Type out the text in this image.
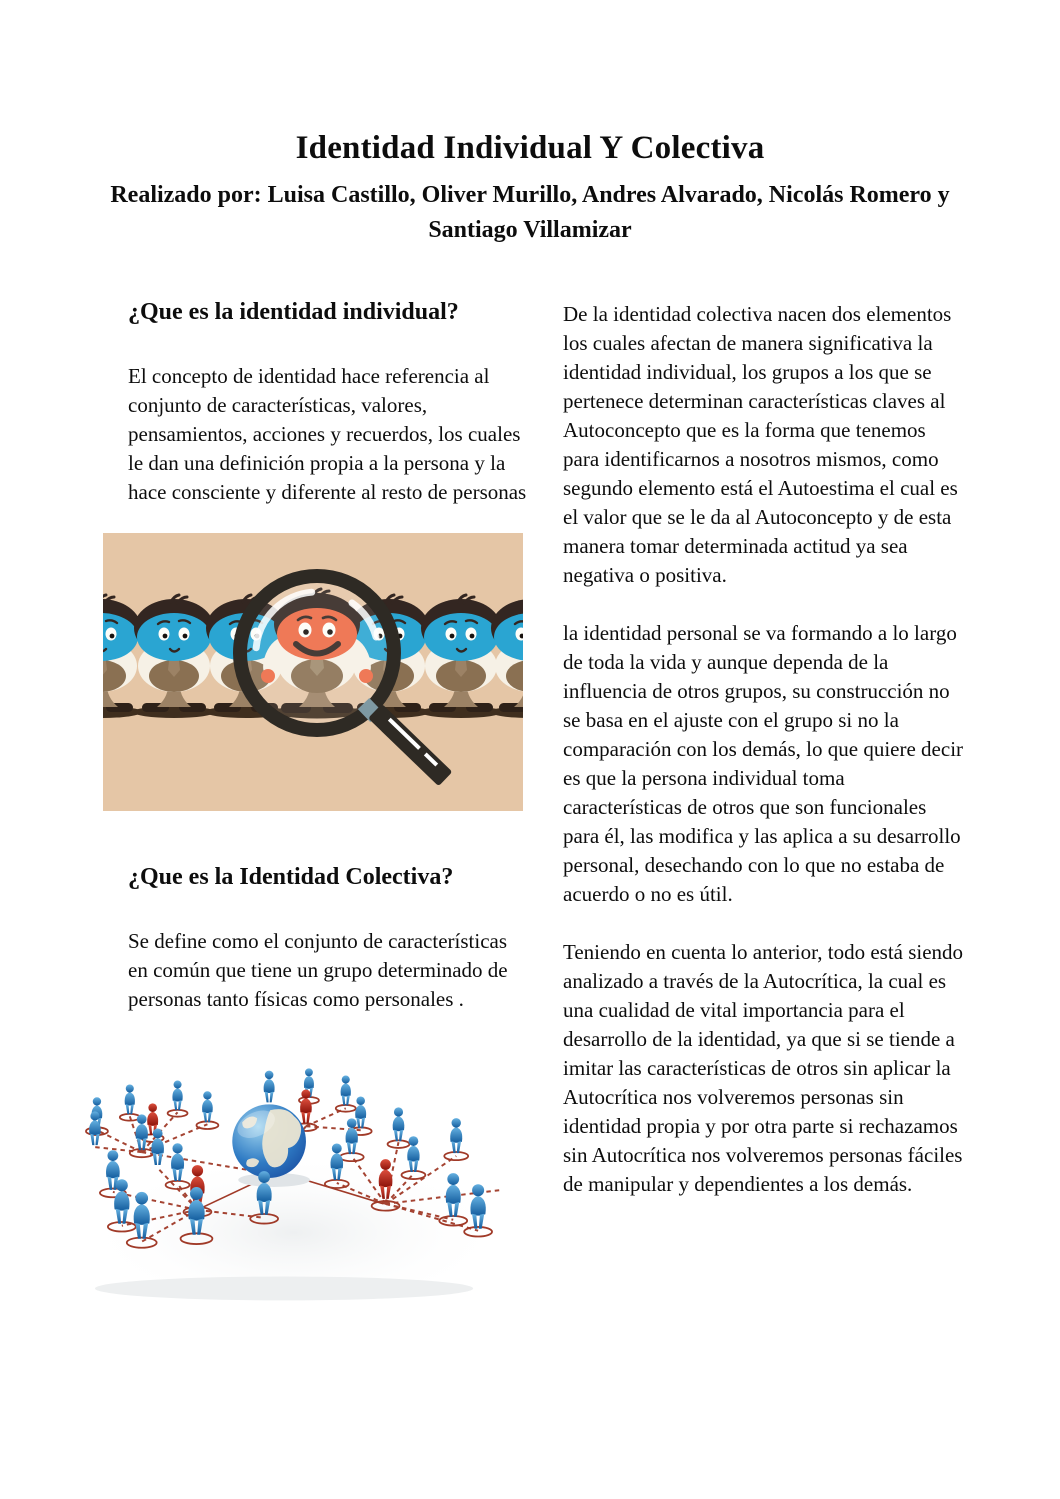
Identidad Individual Y Colectiva
Realizado por: Luisa Castillo, Oliver Murillo, Andres Alvarado, Nicolás Romero y Santiago Villamizar
¿Que es la identidad individual?

El concepto de identidad hace referencia al conjunto de características, valores, pensamientos, acciones y recuerdos, los cuales le dan una definición propia a la persona y la hace consciente y diferente al resto de personas

¿Que es la Identidad Colectiva?

Se define como el conjunto de características en común que tiene un grupo determinado de personas tanto físicas como personales .

De la identidad colectiva nacen dos elementos los cuales afectan de manera significativa la identidad individual, los grupos a los que se pertenece determinan características claves al Autoconcepto que es la forma que tenemos para identificarnos a nosotros mismos, como segundo elemento está el Autoestima el cual es el valor que se le da al Autoconcepto y de esta manera tomar determinada actitud ya sea negativa o positiva.

la identidad personal se va formando a lo largo de toda la vida y aunque dependa de la influencia de otros grupos, su construcción no se basa en el ajuste con el grupo si no la comparación con los demás, lo que quiere decir es que la persona individual toma características de otros que son funcionales para él, las modifica y las aplica a su desarrollo personal, desechando con lo que no estaba de acuerdo o no es útil.

Teniendo en cuenta lo anterior, todo está siendo analizado a través de la Autocrítica, la cual es una cualidad de vital importancia para el desarrollo de la identidad, ya que si se tiende a imitar las características de otros sin aplicar la Autocrítica nos volveremos personas sin identidad propia y por otra parte si rechazamos sin Autocrítica nos volveremos personas fáciles de manipular y dependientes a los demás.
